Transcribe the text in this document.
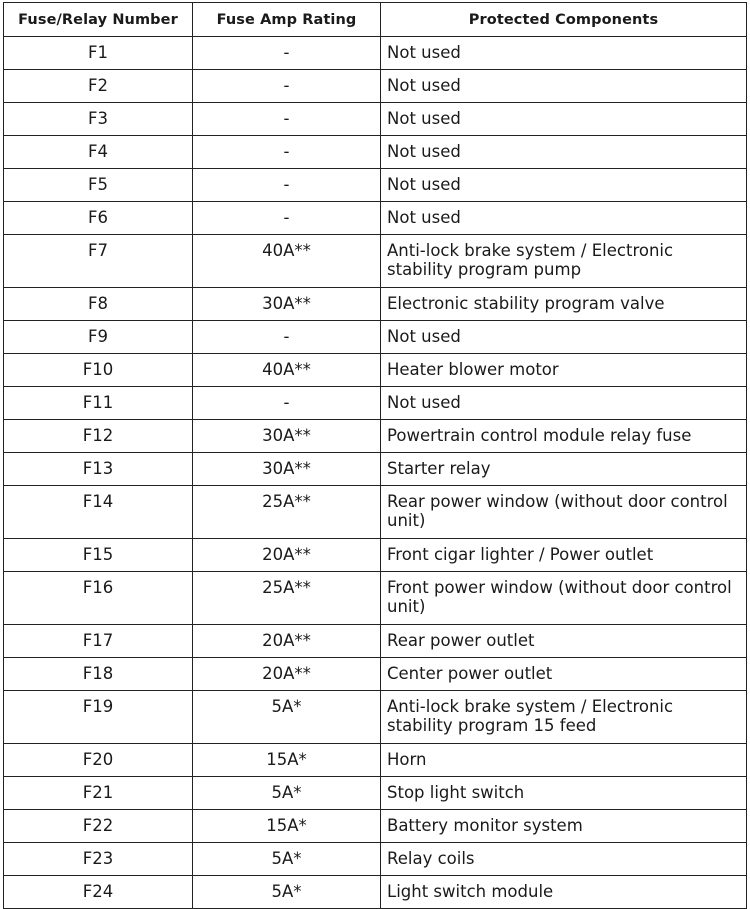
Fuse/Relay Number	Fuse Amp Rating	Protected Components
F1	-	Not used
F2	-	Not used
F3	-	Not used
F4	-	Not used
F5	-	Not used
F6	-	Not used
F7	40A**	Anti-lock brake system / Electronic stability program pump
F8	30A**	Electronic stability program valve
F9	-	Not used
F10	40A**	Heater blower motor
F11	-	Not used
F12	30A**	Powertrain control module relay fuse
F13	30A**	Starter relay
F14	25A**	Rear power window (without door control unit)
F15	20A**	Front cigar lighter / Power outlet
F16	25A**	Front power window (without door control unit)
F17	20A**	Rear power outlet
F18	20A**	Center power outlet
F19	5A*	Anti-lock brake system / Electronic stability program 15 feed
F20	15A*	Horn
F21	5A*	Stop light switch
F22	15A*	Battery monitor system
F23	5A*	Relay coils
F24	5A*	Light switch module
